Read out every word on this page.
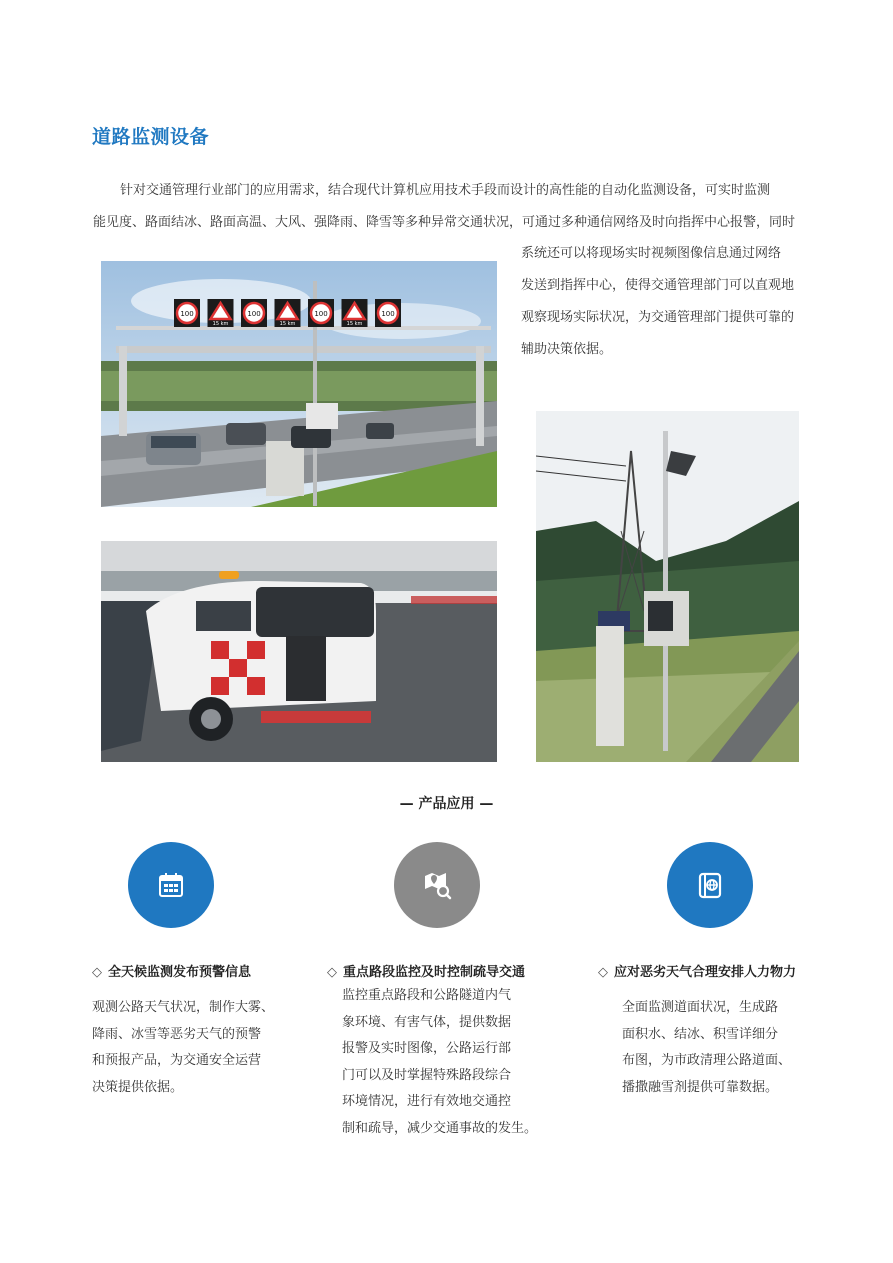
道路监测设备
针对交通管理行业部门的应用需求，结合现代计算机应用技术手段而设计的高性能的自动化监测设备，可实时监测
能见度、路面结冰、路面高温、大风、强降雨、降雪等多种异常交通状况，可通过多种通信网络及时向指挥中心报警，同时
系统还可以将现场实时视频图像信息通过网络
发送到指挥中心，使得交通管理部门可以直观地
观察现场实际状况，为交通管理部门提供可靠的
辅助决策依据。
100
15 km
100
15 km
100
15 km
100
— 产品应用 —
◇ 全天候监测发布预警信息	◇ 重点路段监控及时控制疏导交通	◇ 应对恶劣天气合理安排人力物力
观测公路天气状况，制作大雾、
降雨、冰雪等恶劣天气的预警
和预报产品，为交通安全运营
决策提供依据。
监控重点路段和公路隧道内气
象环境、有害气体，提供数据
报警及实时图像，公路运行部
门可以及时掌握特殊路段综合
环境情况，进行有效地交通控
制和疏导，减少交通事故的发生。
全面监测道面状况，生成路
面积水、结冰、积雪详细分
布图，为市政清理公路道面、
播撒融雪剂提供可靠数据。
